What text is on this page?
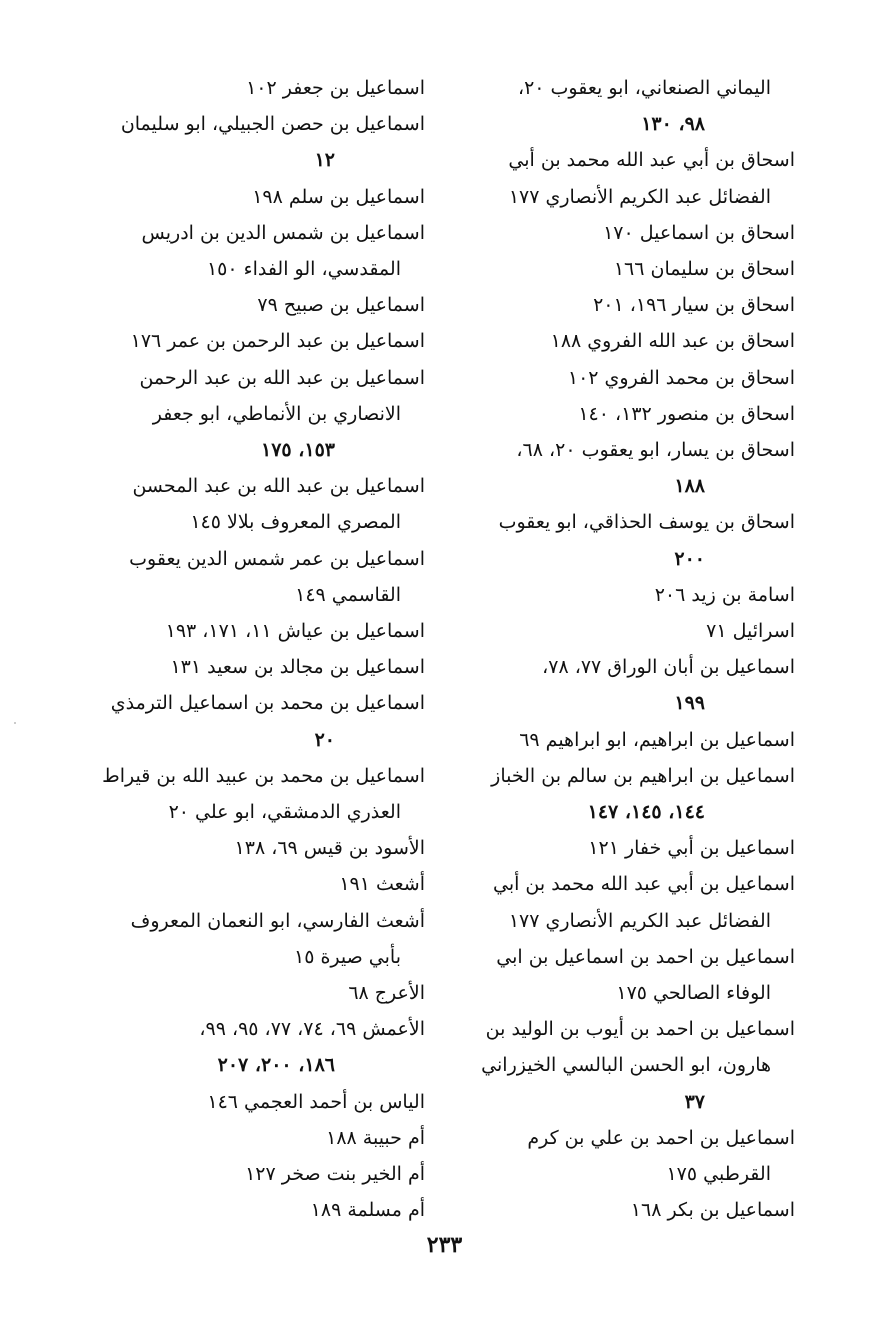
اليماني الصنعاني، ابو يعقوب ٢٠،
٩٨، ١٣٠
اسحاق بن أبي عبد الله محمد بن أبي
الفضائل عبد الكريم الأنصاري ١٧٧
اسحاق بن اسماعيل ١٧٠
اسحاق بن سليمان ١٦٦
اسحاق بن سيار ١٩٦، ٢٠١
اسحاق بن عبد الله الفروي ١٨٨
اسحاق بن محمد الفروي ١٠٢
اسحاق بن منصور ١٣٢، ١٤٠
اسحاق بن يسار، ابو يعقوب ٢٠، ٦٨،
١٨٨
اسحاق بن يوسف الحذاقي، ابو يعقوب
٢٠٠
اسامة بن زيد ٢٠٦
اسرائيل ٧١
اسماعيل بن أبان الوراق ٧٧، ٧٨،
١٩٩
اسماعيل بن ابراهيم، ابو ابراهيم ٦٩
اسماعيل بن ابراهيم بن سالم بن الخباز
١٤٤، ١٤٥، ١٤٧
اسماعيل بن أبي خفار ١٢١
اسماعيل بن أبي عبد الله محمد بن أبي
الفضائل عبد الكريم الأنصاري ١٧٧
اسماعيل بن احمد بن اسماعيل بن ابي
الوفاء الصالحي ١٧٥
اسماعيل بن احمد بن أيوب بن الوليد بن
هارون، ابو الحسن البالسي الخيزراني
٣٧
اسماعيل بن احمد بن علي بن كرم
القرطبي ١٧٥
اسماعيل بن بكر ١٦٨
اسماعيل بن جعفر ١٠٢
اسماعيل بن حصن الجبيلي، ابو سليمان
١٢
اسماعيل بن سلم ١٩٨
اسماعيل بن شمس الدين بن ادريس
المقدسي، الو الفداء ١٥٠
اسماعيل بن صبيح ٧٩
اسماعيل بن عبد الرحمن بن عمر ١٧٦
اسماعيل بن عبد الله بن عبد الرحمن
الانصاري بن الأنماطي، ابو جعفر
١٥٣، ١٧٥
اسماعيل بن عبد الله بن عبد المحسن
المصري المعروف بلالا ١٤٥
اسماعيل بن عمر شمس الدين يعقوب
القاسمي ١٤٩
اسماعيل بن عياش ١١، ١٧١، ١٩٣
اسماعيل بن مجالد بن سعيد ١٣١
اسماعيل بن محمد بن اسماعيل الترمذي
٢٠
اسماعيل بن محمد بن عبيد الله بن قيراط
العذري الدمشقي، ابو علي ٢٠
الأسود بن قيس ٦٩، ١٣٨
أشعث ١٩١
أشعث الفارسي، ابو النعمان المعروف
بأبي صيرة ١٥
الأعرج ٦٨
الأعمش ٦٩، ٧٤، ٧٧، ٩٥، ٩٩،
١٨٦، ٢٠٠، ٢٠٧
الياس بن أحمد العجمي ١٤٦
أم حبيبة ١٨٨
أم الخير بنت صخر ١٢٧
أم مسلمة ١٨٩
٢٣٣
